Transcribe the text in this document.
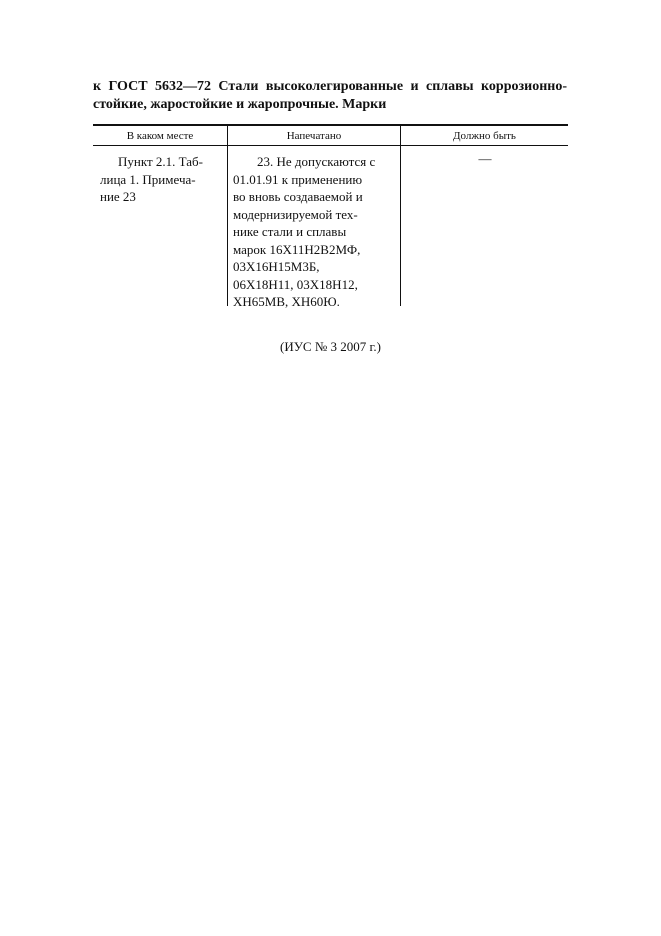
к ГОСТ 5632—72 Стали высоколегированные и сплавы коррозионно-
стойкие, жаростойкие и жаропрочные. Марки
В каком месте	Напечатано	Должно быть
Пункт 2.1. Таб-
лица 1. Примеча-
ние 23
23. Не допускаются с
01.01.91 к применению
во вновь создаваемой и
модернизируемой тех-
нике стали и сплавы
марок 16Х11Н2В2МФ,
03Х16Н15М3Б,
06Х18Н11, 03Х18Н12,
ХН65МВ, ХН60Ю.
—
(ИУС № 3 2007 г.)
